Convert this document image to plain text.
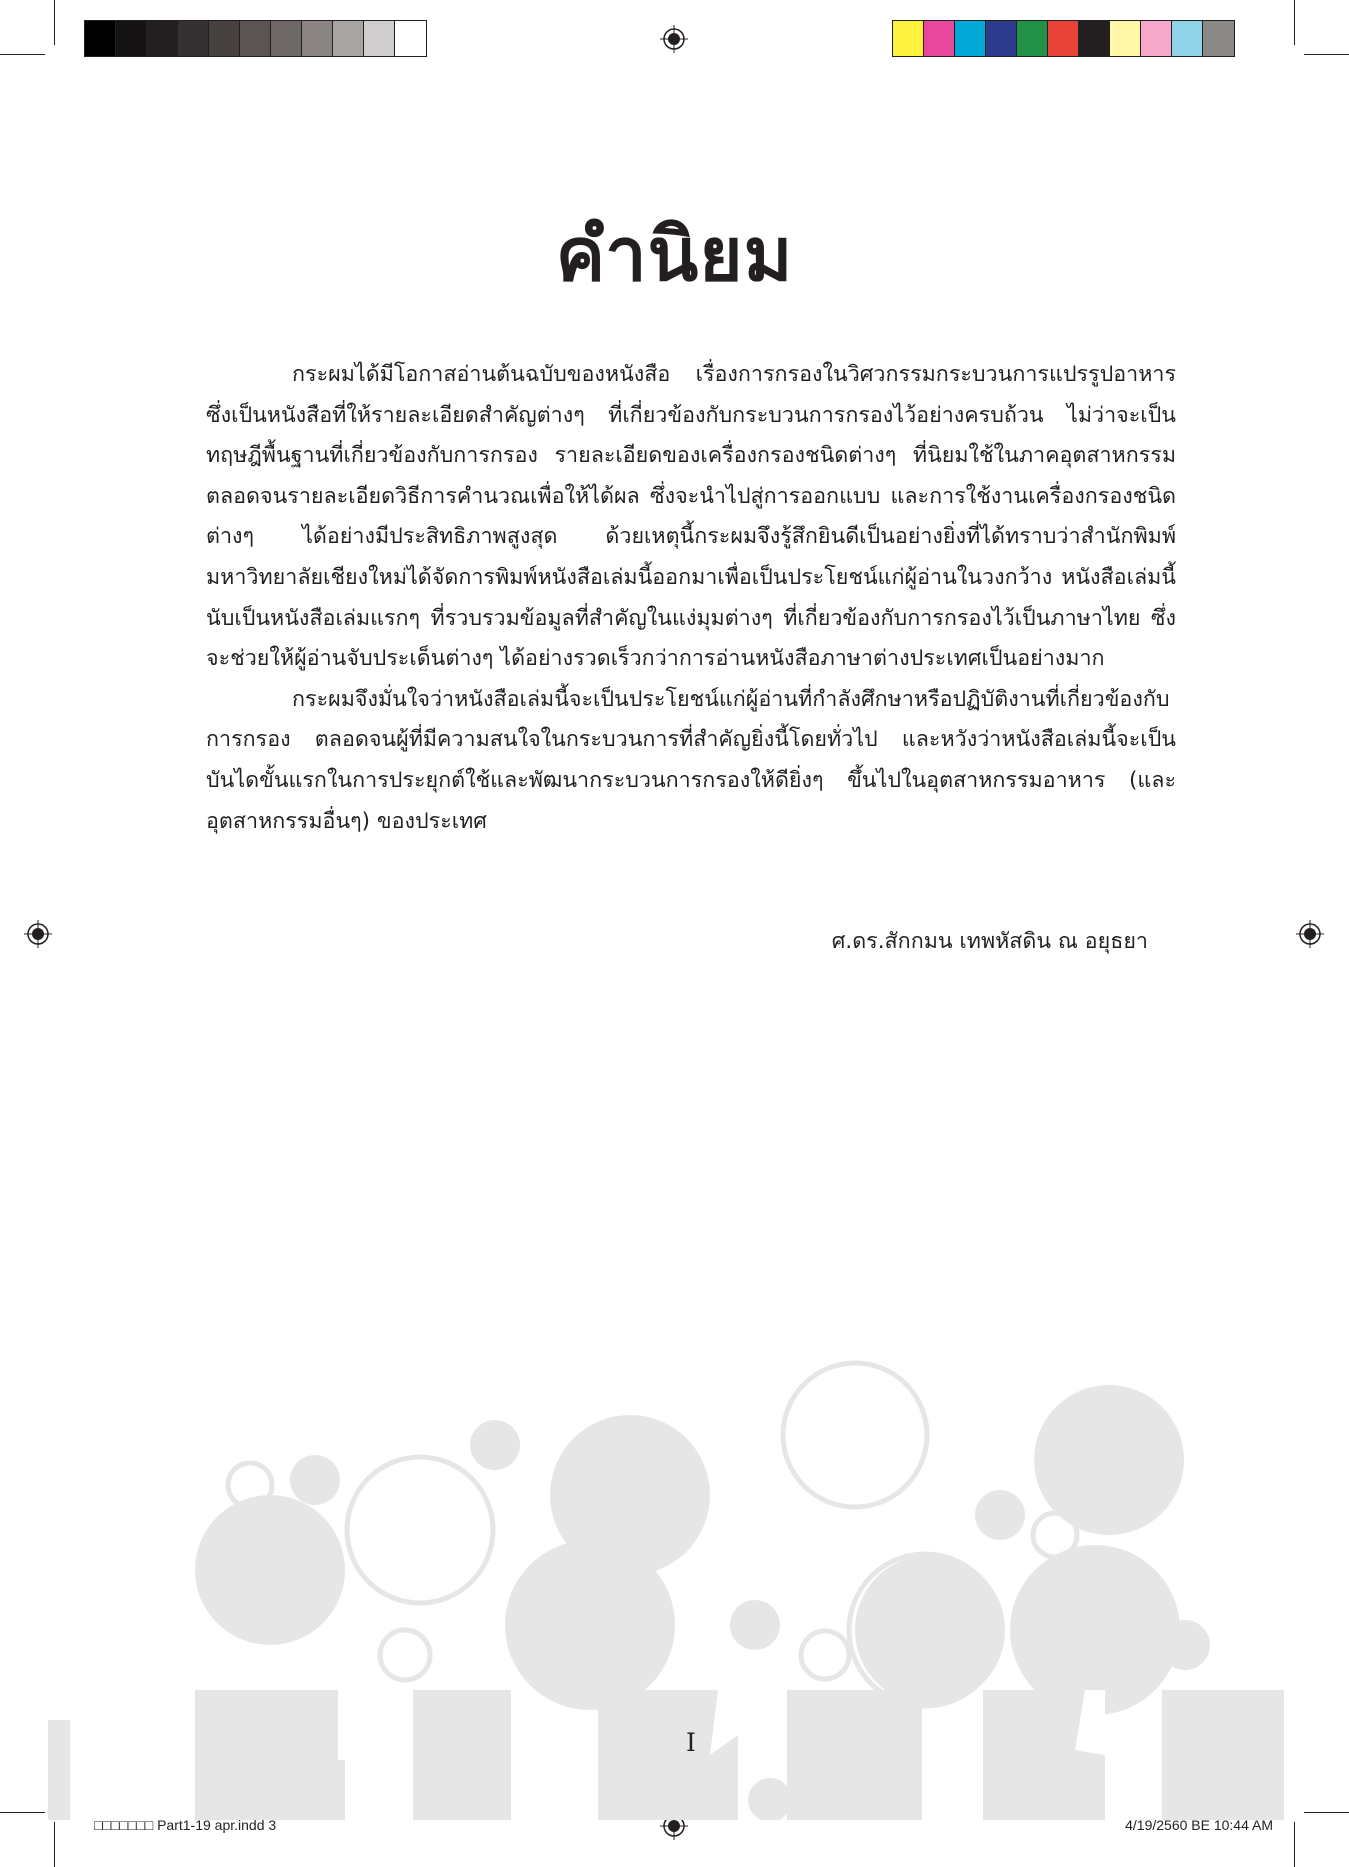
คำนิยม

กระผมได้มีโอกาสอ่านต้นฉบับของหนังสือ เรื่องการกรองในวิศวกรรมกระบวนการแปรรูปอาหาร ซึ่งเป็นหนังสือที่ให้รายละเอียดสำคัญต่างๆ ที่เกี่ยวข้องกับกระบวนการกรองไว้อย่างครบถ้วน ไม่ว่าจะเป็นทฤษฎีพื้นฐานที่เกี่ยวข้องกับการกรอง รายละเอียดของเครื่องกรองชนิดต่างๆ ที่นิยมใช้ในภาคอุตสาหกรรม ตลอดจนรายละเอียดวิธีการคำนวณเพื่อให้ได้ผล ซึ่งจะนำไปสู่การออกแบบ และการใช้งานเครื่องกรองชนิดต่างๆ ได้อย่างมีประสิทธิภาพสูงสุด ด้วยเหตุนี้กระผมจึงรู้สึกยินดีเป็นอย่างยิ่งที่ได้ทราบว่าสำนักพิมพ์มหาวิทยาลัยเชียงใหม่ได้จัดการพิมพ์หนังสือเล่มนี้ออกมาเพื่อเป็นประโยชน์แก่ผู้อ่านในวงกว้าง หนังสือเล่มนี้นับเป็นหนังสือเล่มแรกๆ ที่รวบรวมข้อมูลที่สำคัญในแง่มุมต่างๆ ที่เกี่ยวข้องกับการกรองไว้เป็นภาษาไทย ซึ่งจะช่วยให้ผู้อ่านจับประเด็นต่างๆ ได้อย่างรวดเร็วกว่าการอ่านหนังสือภาษาต่างประเทศเป็นอย่างมาก

กระผมจึงมั่นใจว่าหนังสือเล่มนี้จะเป็นประโยชน์แก่ผู้อ่านที่กำลังศึกษาหรือปฏิบัติงานที่เกี่ยวข้องกับการกรอง ตลอดจนผู้ที่มีความสนใจในกระบวนการที่สำคัญยิ่งนี้โดยทั่วไป และหวังว่าหนังสือเล่มนี้จะเป็นบันไดขั้นแรกในการประยุกต์ใช้และพัฒนากระบวนการกรองให้ดียิ่งๆ ขึ้นไปในอุตสาหกรรมอาหาร (และอุตสาหกรรมอื่นๆ) ของประเทศ

ศ.ดร.สักกมน เทพหัสดิน ณ อยุธยา
I
□□□□□□□ Part1-19 apr.indd 3	4/19/2560 BE 10:44 AM
